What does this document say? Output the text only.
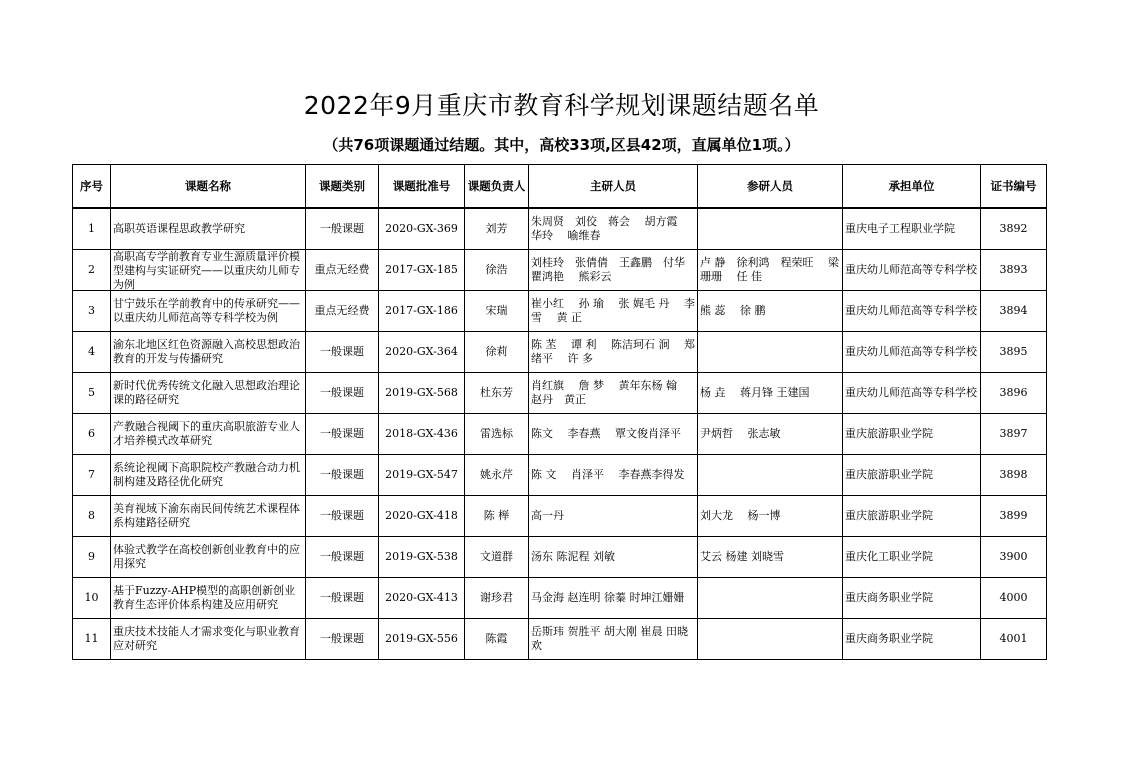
2022年9月重庆市教育科学规划课题结题名单
（共76项课题通过结题。其中，高校33项,区县42项，直属单位1项。）
序号	课题名称	课题类别	课题批准号	课题负责人	主研人员	参研人员	承担单位	证书编号

1	高职英语课程思政教学研究	一般课题	2020-GX-369	刘芳	朱周贤　刘佼　蒋会　 胡方霞　 华玲　 喻维春		重庆电子工程职业学院	3892

2	高职高专学前教育专业生源质量评价模型建构与实证研究——以重庆幼儿师专为例	重点无经费	2017-GX-185	徐浩	刘桂玲　张倩倩　王鑫鹏　付华　 瞿鸿艳　 熊彩云	卢 静　徐利鸿　程荣旺　 梁珊珊　 任 佳	重庆幼儿师范高等专科学校	3893

3	甘宁鼓乐在学前教育中的传承研究——以重庆幼儿师范高等专科学校为例	重点无经费	2017-GX-186	宋瑞	崔小红　 孙 瑜　 张 娓毛 丹　 李 雪　 黄 正	熊 蕊　 徐 鹏	重庆幼儿师范高等专科学校	3894

4	渝东北地区红色资源融入高校思想政治教育的开发与传播研究	一般课题	2020-GX-364	徐莉	陈 苤　 谭 利　 陈洁珂石 涧　 郑绪平　 许 多		重庆幼儿师范高等专科学校	3895

5	新时代优秀传统文化融入思想政治理论课的路径研究	一般课题	2019-GX-568	杜东芳	肖红旗　 詹 梦　 黄年东杨 翰　赵丹　黄正	杨 垚　 蒋月锋 王建国	重庆幼儿师范高等专科学校	3896

6	产教融合视阈下的重庆高职旅游专业人才培养模式改革研究	一般课题	2018-GX-436	雷选标	陈文　 李春燕　 覃文俊肖泽平	尹炳哲　 张志敏	重庆旅游职业学院	3897

7	系统论视阈下高职院校产教融合动力机制构建及路径优化研究	一般课题	2019-GX-547	姚永芹	陈 文　 肖泽平　 李春燕李得发		重庆旅游职业学院	3898

8	美育视域下渝东南民间传统艺术课程体系构建路径研究	一般课题	2020-GX-418	陈 榉	高一丹	刘大龙　 杨一博	重庆旅游职业学院	3899

9	体验式教学在高校创新创业教育中的应用探究	一般课题	2019-GX-538	文道群	汤东 陈泥程 刘敏	艾云 杨建 刘晓雪	重庆化工职业学院	3900

10	基于Fuzzy-AHP模型的高职创新创业教育生态评价体系构建及应用研究	一般课题	2020-GX-413	谢珍君	马金海 赵连明 徐蓁 时坤江姗姗		重庆商务职业学院	4000

11	重庆技术技能人才需求变化与职业教育应对研究	一般课题	2019-GX-556	陈霞	岳斯玮 贺胜平 胡大刚 崔晨 田晓欢		重庆商务职业学院	4001
